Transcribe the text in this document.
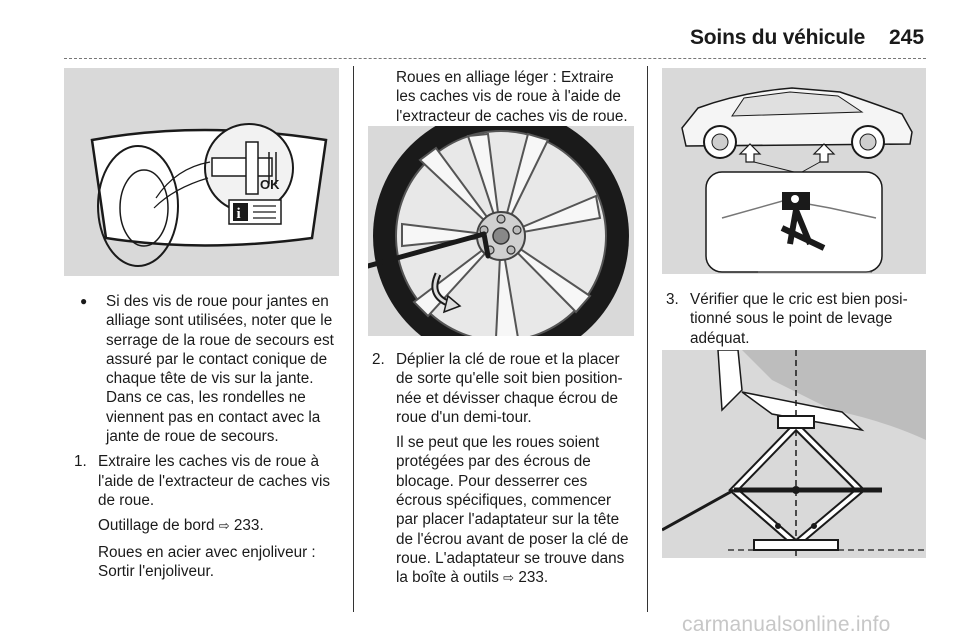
Soins du véhicule 245
OK
i
●	Si des vis de roue pour jantes en alliage sont utilisées, noter que le serrage de la roue de secours est assuré par le contact conique de chaque tête de vis sur la jante. Dans ce cas, les rondelles ne viennent pas en contact avec la jante de roue de secours.

1. Extraire les caches vis de roue à l'aide de l'extracteur de caches vis de roue.

Outillage de bord ⇨ 233.

Roues en acier avec enjoliveur : Sortir l'enjoliveur.

Roues en alliage léger : Extraire les caches vis de roue à l'aide de l'extracteur de caches vis de roue.

2. Déplier la clé de roue et la placer de sorte qu'elle soit bien positionnée et dévisser chaque écrou de roue d'un demi-tour.

Il se peut que les roues soient protégées par des écrous de blocage. Pour desserrer ces écrous spécifiques, commencer par placer l'adaptateur sur la tête de l'écrou avant de poser la clé de roue. L'adaptateur se trouve dans la boîte à outils ⇨ 233.

3. Vérifier que le cric est bien positionné sous le point de levage adéquat.

carmanualsonline.info
